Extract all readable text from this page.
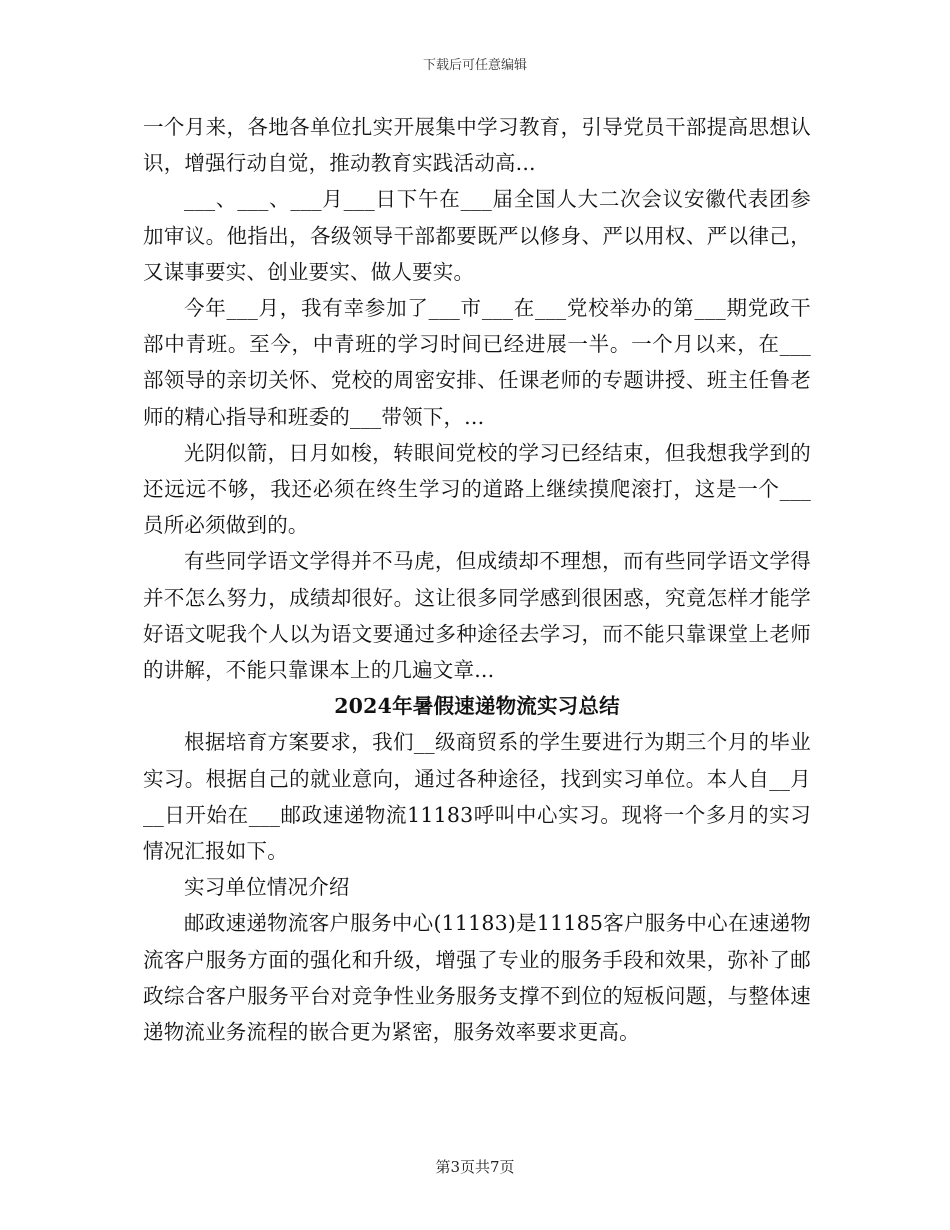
下载后可任意编辑

一个月来，各地各单位扎实开展集中学习教育，引导党员干部提高思想认识，增强行动自觉，推动教育实践活动高...

___、___、___月___日下午在___届全国人大二次会议安徽代表团参加审议。他指出，各级领导干部都要既严以修身、严以用权、严以律己，又谋事要实、创业要实、做人要实。

今年___月，我有幸参加了___市___在___党校举办的第___期党政干部中青班。至今，中青班的学习时间已经进展一半。一个月以来，在___部领导的亲切关怀、党校的周密安排、任课老师的专题讲授、班主任鲁老师的精心指导和班委的___带领下，...

光阴似箭，日月如梭，转眼间党校的学习已经结束，但我想我学到的还远远不够，我还必须在终生学习的道路上继续摸爬滚打，这是一个___员所必须做到的。

有些同学语文学得并不马虎，但成绩却不理想，而有些同学语文学得并不怎么努力，成绩却很好。这让很多同学感到很困惑，究竟怎样才能学好语文呢我个人以为语文要通过多种途径去学习，而不能只靠课堂上老师的讲解，不能只靠课本上的几遍文章...

2024年暑假速递物流实习总结

根据培育方案要求，我们__级商贸系的学生要进行为期三个月的毕业实习。根据自己的就业意向，通过各种途径，找到实习单位。本人自__月__日开始在___邮政速递物流11183呼叫中心实习。现将一个多月的实习情况汇报如下。

实习单位情况介绍

邮政速递物流客户服务中心(11183)是11185客户服务中心在速递物流客户服务方面的强化和升级，增强了专业的服务手段和效果，弥补了邮政综合客户服务平台对竞争性业务服务支撑不到位的短板问题，与整体速递物流业务流程的嵌合更为紧密，服务效率要求更高。

第3页共7页
